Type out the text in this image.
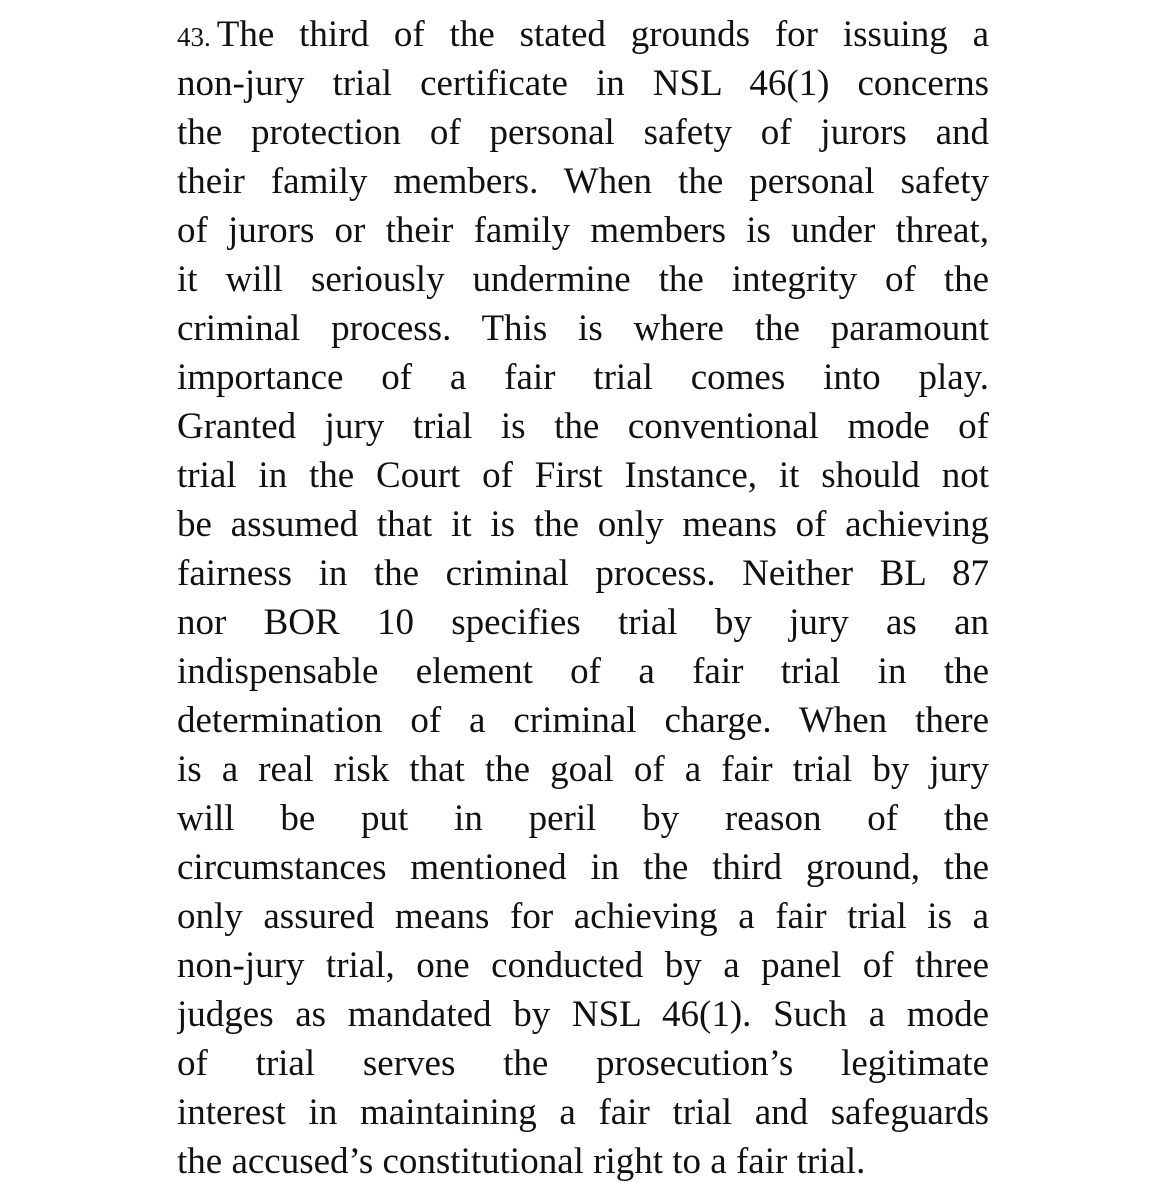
43. The third of the stated grounds for issuing a
non-jury trial certificate in NSL 46(1) concerns
the protection of personal safety of jurors and
their family members. When the personal safety
of jurors or their family members is under threat,
it will seriously undermine the integrity of the
criminal process. This is where the paramount
importance of a fair trial comes into play.
Granted jury trial is the conventional mode of
trial in the Court of First Instance, it should not
be assumed that it is the only means of achieving
fairness in the criminal process. Neither BL 87
nor BOR 10 specifies trial by jury as an
indispensable element of a fair trial in the
determination of a criminal charge. When there
is a real risk that the goal of a fair trial by jury
will be put in peril by reason of the
circumstances mentioned in the third ground, the
only assured means for achieving a fair trial is a
non-jury trial, one conducted by a panel of three
judges as mandated by NSL 46(1). Such a mode
of trial serves the prosecution’s legitimate
interest in maintaining a fair trial and safeguards
the accused’s constitutional right to a fair trial.
